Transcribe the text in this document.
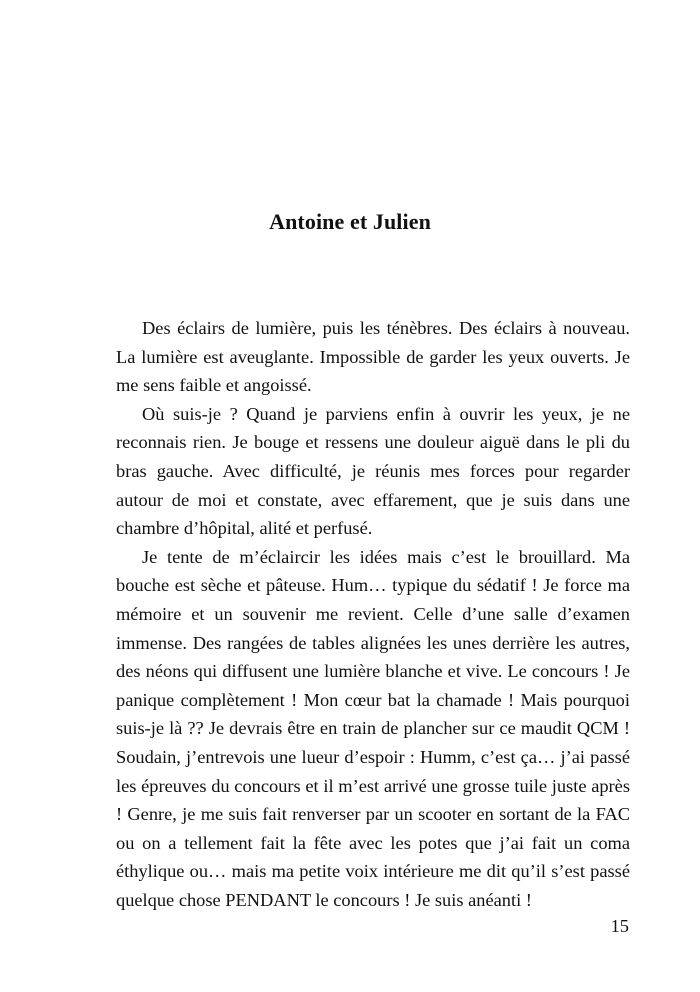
Antoine et Julien

Des éclairs de lumière, puis les ténèbres. Des éclairs à nouveau. La lumière est aveuglante. Impossible de garder les yeux ouverts. Je me sens faible et angoissé.

Où suis-je ? Quand je parviens enfin à ouvrir les yeux, je ne reconnais rien. Je bouge et ressens une douleur aiguë dans le pli du bras gauche. Avec difficulté, je réunis mes forces pour regarder autour de moi et constate, avec effarement, que je suis dans une chambre d’hôpital, alité et perfusé.

Je tente de m’éclaircir les idées mais c’est le brouillard. Ma bouche est sèche et pâteuse. Hum… typique du sédatif ! Je force ma mémoire et un souvenir me revient. Celle d’une salle d’examen immense. Des rangées de tables alignées les unes derrière les autres, des néons qui diffusent une lumière blanche et vive. Le concours ! Je panique complètement ! Mon cœur bat la chamade ! Mais pourquoi suis-je là ?? Je devrais être en train de plancher sur ce maudit QCM ! Soudain, j’entrevois une lueur d’espoir : Humm, c’est ça… j’ai passé les épreuves du concours et il m’est arrivé une grosse tuile juste après ! Genre, je me suis fait renverser par un scooter en sortant de la FAC ou on a tellement fait la fête avec les potes que j’ai fait un coma éthylique ou… mais ma petite voix intérieure me dit qu’il s’est passé quelque chose PENDANT le concours ! Je suis anéanti !

15
